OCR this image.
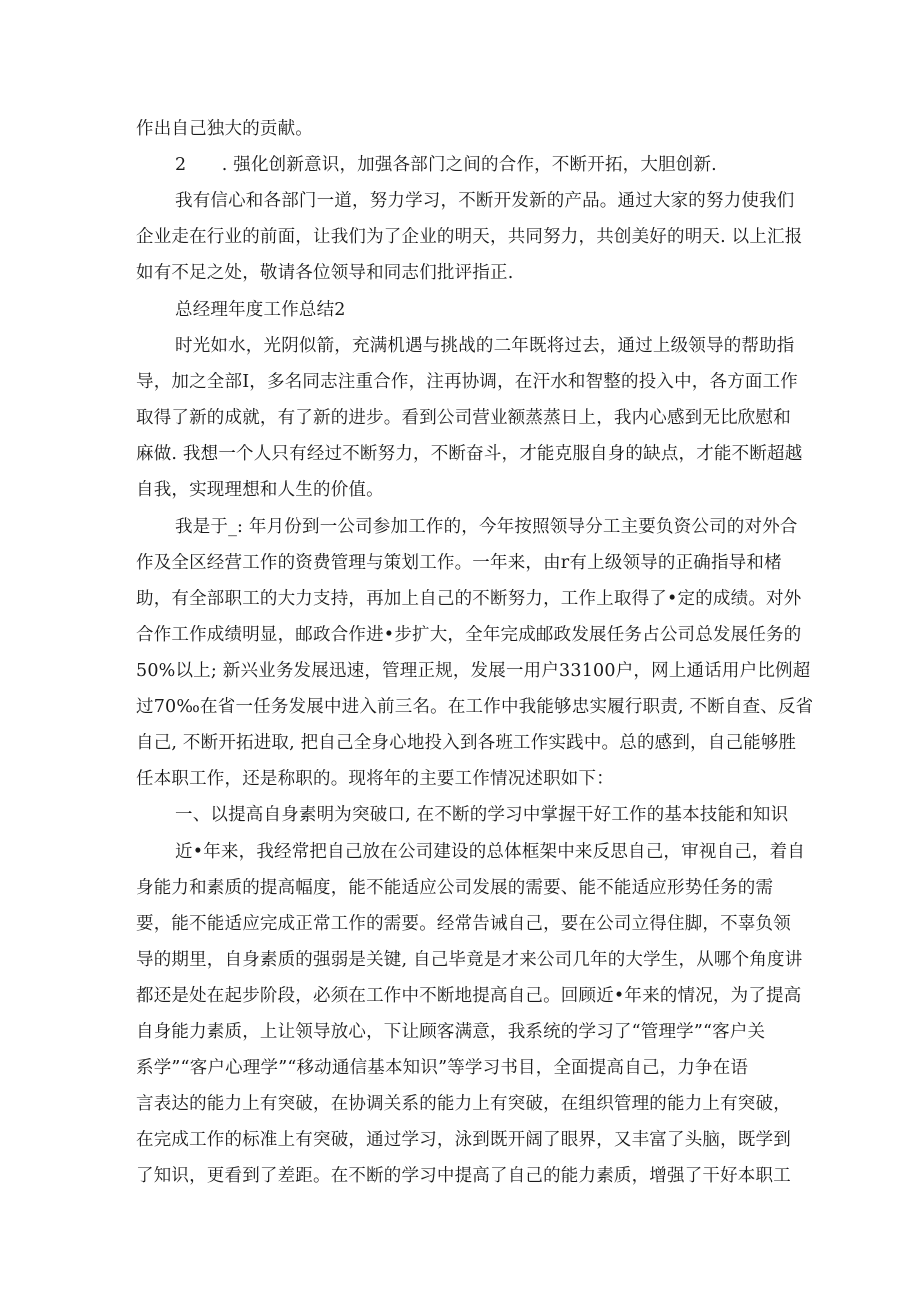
作出自己独大的贡献。
2  . 强化创新意识，加强各部门之间的合作，不断开拓，大胆创新.
我有信心和各部门一道，努力学习，不断开发新的产品。通过大家的努力使我们
企业走在行业的前面，让我们为了企业的明天，共同努力，共创美好的明天. 以上汇报
如有不足之处，敬请各位领导和同志们批评指正.
总经理年度工作总结2
时光如水，光阴似箭，充满机遇与挑战的二年既将过去，通过上级领导的帮助指
导，加之全部I，多名同志注重合作，注再协调，在汗水和智整的投入中，各方面工作
取得了新的成就，有了新的进步。看到公司营业额蒸蒸日上，我内心感到无比欣慰和
麻做. 我想一个人只有经过不断努力，不断奋斗，才能克服自身的缺点，才能不断超越
自我，实现理想和人生的价值。
我是于_: 年月份到一公司参加工作的，今年按照领导分工主要负资公司的对外合
作及全区经营工作的资费管理与策划工作。一年来，由r有上级领导的正确指导和楮
助，有全部职工的大力支持，再加上自己的不断努力，工作上取得了•定的成绩。对外
合作工作成绩明显，邮政合作进•步扩大，全年完成邮政发展任务占公司总发展任务的
50%以上; 新兴业务发展迅速，管理正规，发展一用户33100户，网上通话用户比例超
过70‰在省一任务发展中进入前三名。在工作中我能够忠实履行职责, 不断自查、反省
自己, 不断开拓进取, 把自己全身心地投入到各班工作实践中。总的感到，自己能够胜
任本职工作，还是称职的。现将年的主要工作情况述职如下：
一、以提高自身素明为突破口, 在不断的学习中掌握干好工作的基本技能和知识
近•年来，我经常把自己放在公司建设的总体框架中来反思自己，审视自己，着自
身能力和素质的提高幅度，能不能适应公司发展的需要、能不能适应形势任务的需
要，能不能适应完成正常工作的需要。经常告诫自己，要在公司立得住脚，不辜负领
导的期里，自身素质的强弱是关键, 自己毕竟是才来公司几年的大学生，从哪个角度讲
都还是处在起步阶段，必须在工作中不断地提高自己。回顾近•年来的情况，为了提高
自身能力素质，上让领导放心，下让顾客满意，我系统的学习了“管理学”“客户关
系学”“客户心理学”“移动通信基本知识”等学习书目，全面提高自己，力争在语
言表达的能力上有突破，在协调关系的能力上有突破，在组织管理的能力上有突破，
在完成工作的标准上有突破，通过学习，泳到既开阔了眼界，又丰富了头脑，既学到
了知识，更看到了差距。在不断的学习中提高了自己的能力素质，增强了干好本职工
